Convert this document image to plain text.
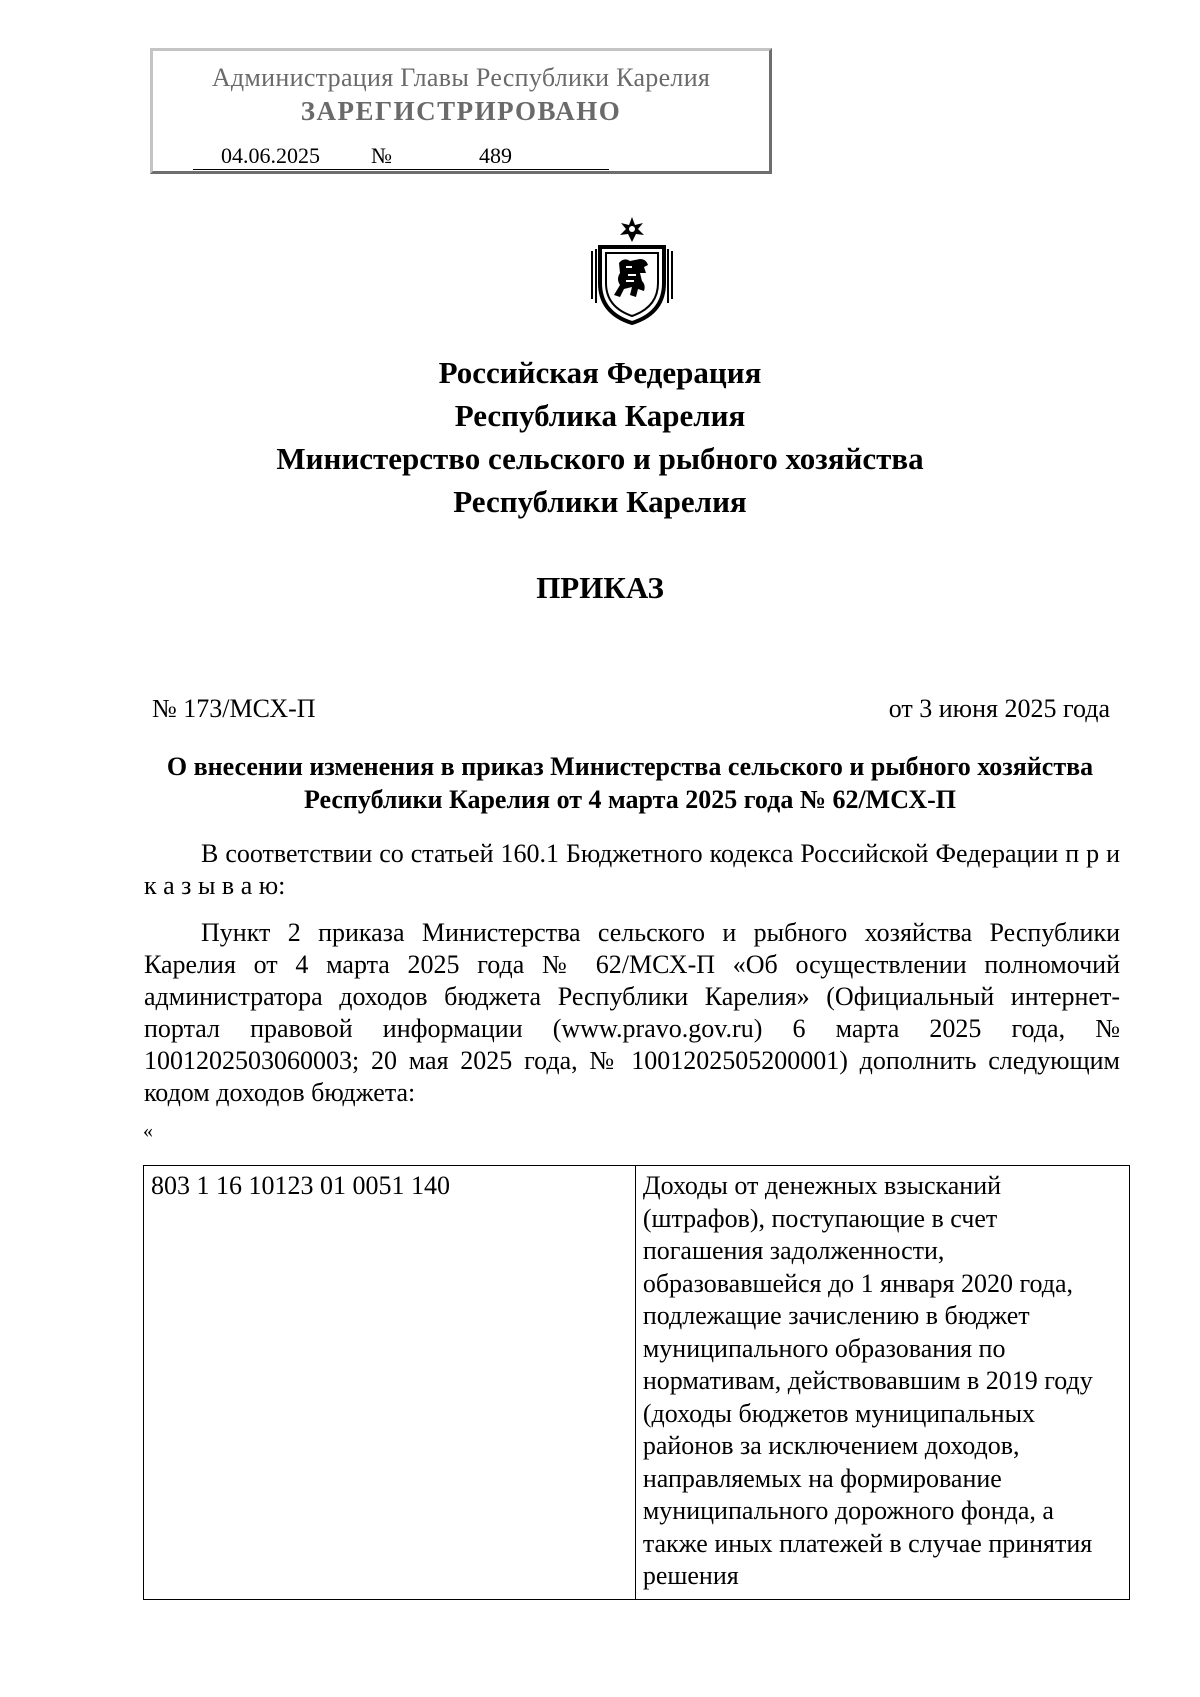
Администрация Главы Республики Карелия
ЗАРЕГИСТРИРОВАНО
04.06.2025 №	489
Российская Федерация
Республика Карелия
Министерство сельского и рыбного хозяйства
Республики Карелия
ПРИКАЗ
№ 173/МСХ-П	от 3 июня 2025 года
О внесении изменения в приказ Министерства сельского и рыбного хозяйства Республики Карелия от 4 марта 2025 года № 62/МСХ-П
В соответствии со статьей 160.1 Бюджетного кодекса Российской Федерации п р и к а з ы в а ю:
Пункт 2 приказа Министерства сельского и рыбного хозяйства Республики Карелия от 4 марта 2025 года № 62/МСХ-П «Об осуществлении полномочий администратора доходов бюджета Республики Карелия» (Официальный интернет-портал правовой информации (www.pravo.gov.ru) 6 марта 2025 года, № 1001202503060003; 20 мая 2025 года, № 1001202505200001) дополнить следующим кодом доходов бюджета:
«
803 1 16 10123 01 0051 140	Доходы от денежных взысканий (штрафов), поступающие в счет погашения задолженности, образовавшейся до 1 января 2020 года, подлежащие зачислению в бюджет муниципального образования по нормативам, действовавшим в 2019 году (доходы бюджетов муниципальных районов за исключением доходов, направляемых на формирование муниципального дорожного фонда, а также иных платежей в случае принятия решения
